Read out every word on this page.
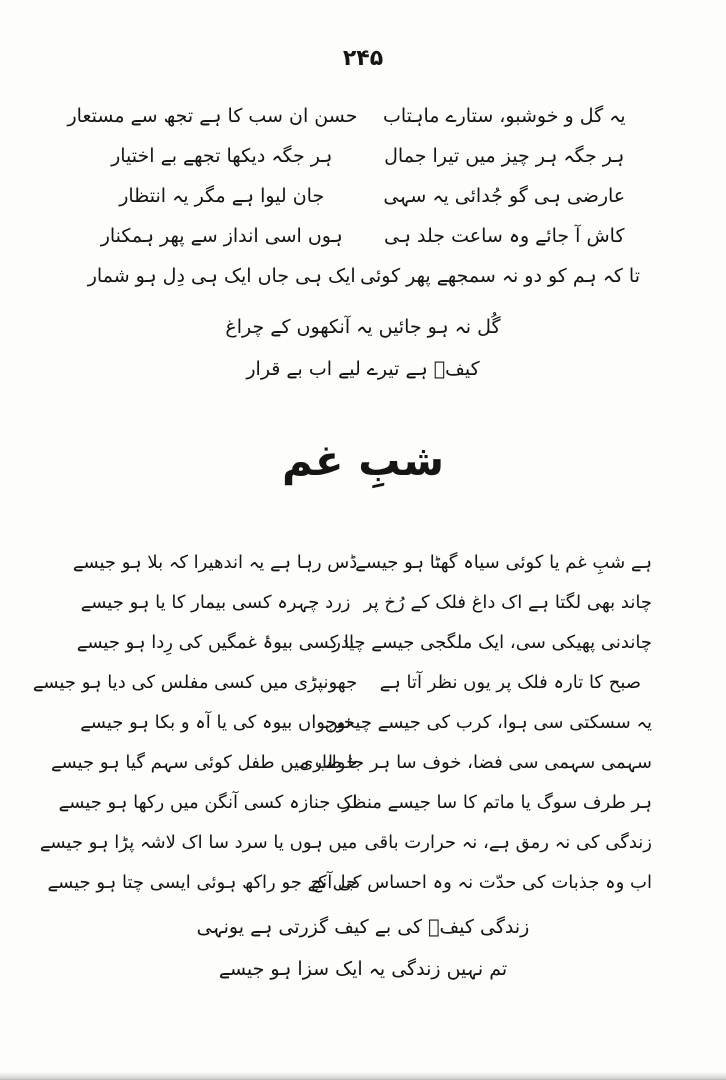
۲۴۵
یہ گل و خوشبو، ستارے ماہتاب
حسن ان سب کا ہے تجھ سے مستعار
ہر جگہ ہر چیز میں تیرا جمال
ہر جگہ دیکھا تجھے بے اختیار
عارضی ہی گو جُدائی یہ سہی
جان لیوا ہے مگر یہ انتظار
کاش آ جائے وہ ساعت جلد ہی
ہوں اسی انداز سے پھر ہمکنار
تا کہ ہم کو دو نہ سمجھے پھر کوئی
ایک ہی جاں ایک ہی دِل ہو شمار
گُل نہ ہو جائیں یہ آنکھوں کے چراغ
کیفؔ ہے تیرے لیے اب بے قرار
شبِ غم
ہے شبِ غم یا کوئی سیاہ گھٹا ہو جیسے
ڈس رہا ہے یہ اندھیرا کہ بلا ہو جیسے
چاند بھی لگتا ہے اک داغ فلک کے رُخ پر
زرد چہرہ کسی بیمار کا یا ہو جیسے
چاندنی پھیکی سی، ایک ملگجی جیسے چادر
یا کسی بیوۂ غمگیں کی رِدا ہو جیسے
صبح کا تارہ فلک پر یوں نظر آتا ہے
جھونپڑی میں کسی مفلس کی دیا ہو جیسے
یہ سسکتی سی ہوا، کرب کی جیسے چیخیں
نوجواں بیوہ کی یا آہ و بکا ہو جیسے
سہمی سہمی سی فضا، خوف سا ہر جا طاری
خواب میں طفل کوئی سہم گیا ہو جیسے
ہر طرف سوگ یا ماتم کا سا جیسے منظر
اک جنازہ کسی آنگن میں رکھا ہو جیسے
زندگی کی نہ رمق ہے، نہ حرارت باقی
میں ہوں یا سرد سا اک لاشہ پڑا ہو جیسے
اب وہ جذبات کی حدّت نہ وہ احساس کی آنچ
جل کے جو راکھ ہوئی ایسی چتا ہو جیسے
زندگی کیفؔ کی بے کیف گزرتی ہے یونہی
تم نہیں زندگی یہ ایک سزا ہو جیسے
